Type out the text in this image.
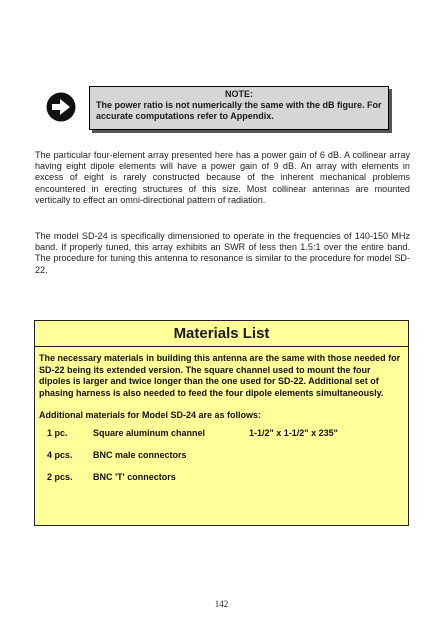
NOTE:
The power ratio is not numerically the same with the dB figure. For accurate computations refer to Appendix.
The particular four-element array presented here has a power gain of 6 dB. A collinear array having eight dipole elements will have a power gain of 9 dB. An array with elements in excess of eight is rarely constructed because of the inherent mechanical problems encountered in erecting structures of this size. Most collinear antennas are mounted vertically to effect an omni-directional pattern of radiation.
The model SD-24 is specifically dimensioned to operate in the frequencies of 140-150 MHz band. If properly tuned, this array exhibits an SWR of less then 1.5:1 over the entire band. The procedure for tuning this antenna to resonance is similar to the procedure for model SD-22.
Materials List
The necessary materials in building this antenna are the same with those needed for SD-22 being its extended version. The square channel used to mount the four dipoles is larger and twice longer than the one used for SD-22. Additional set of phasing harness is also needed to feed the four dipole elements simultaneously.
Additional materials for Model SD-24 are as follows:
1 pc.	Square aluminum channel	1-1/2" x 1-1/2" x 235"
4 pcs. BNC male connectors
2 pcs. BNC 'T' connectors
142
